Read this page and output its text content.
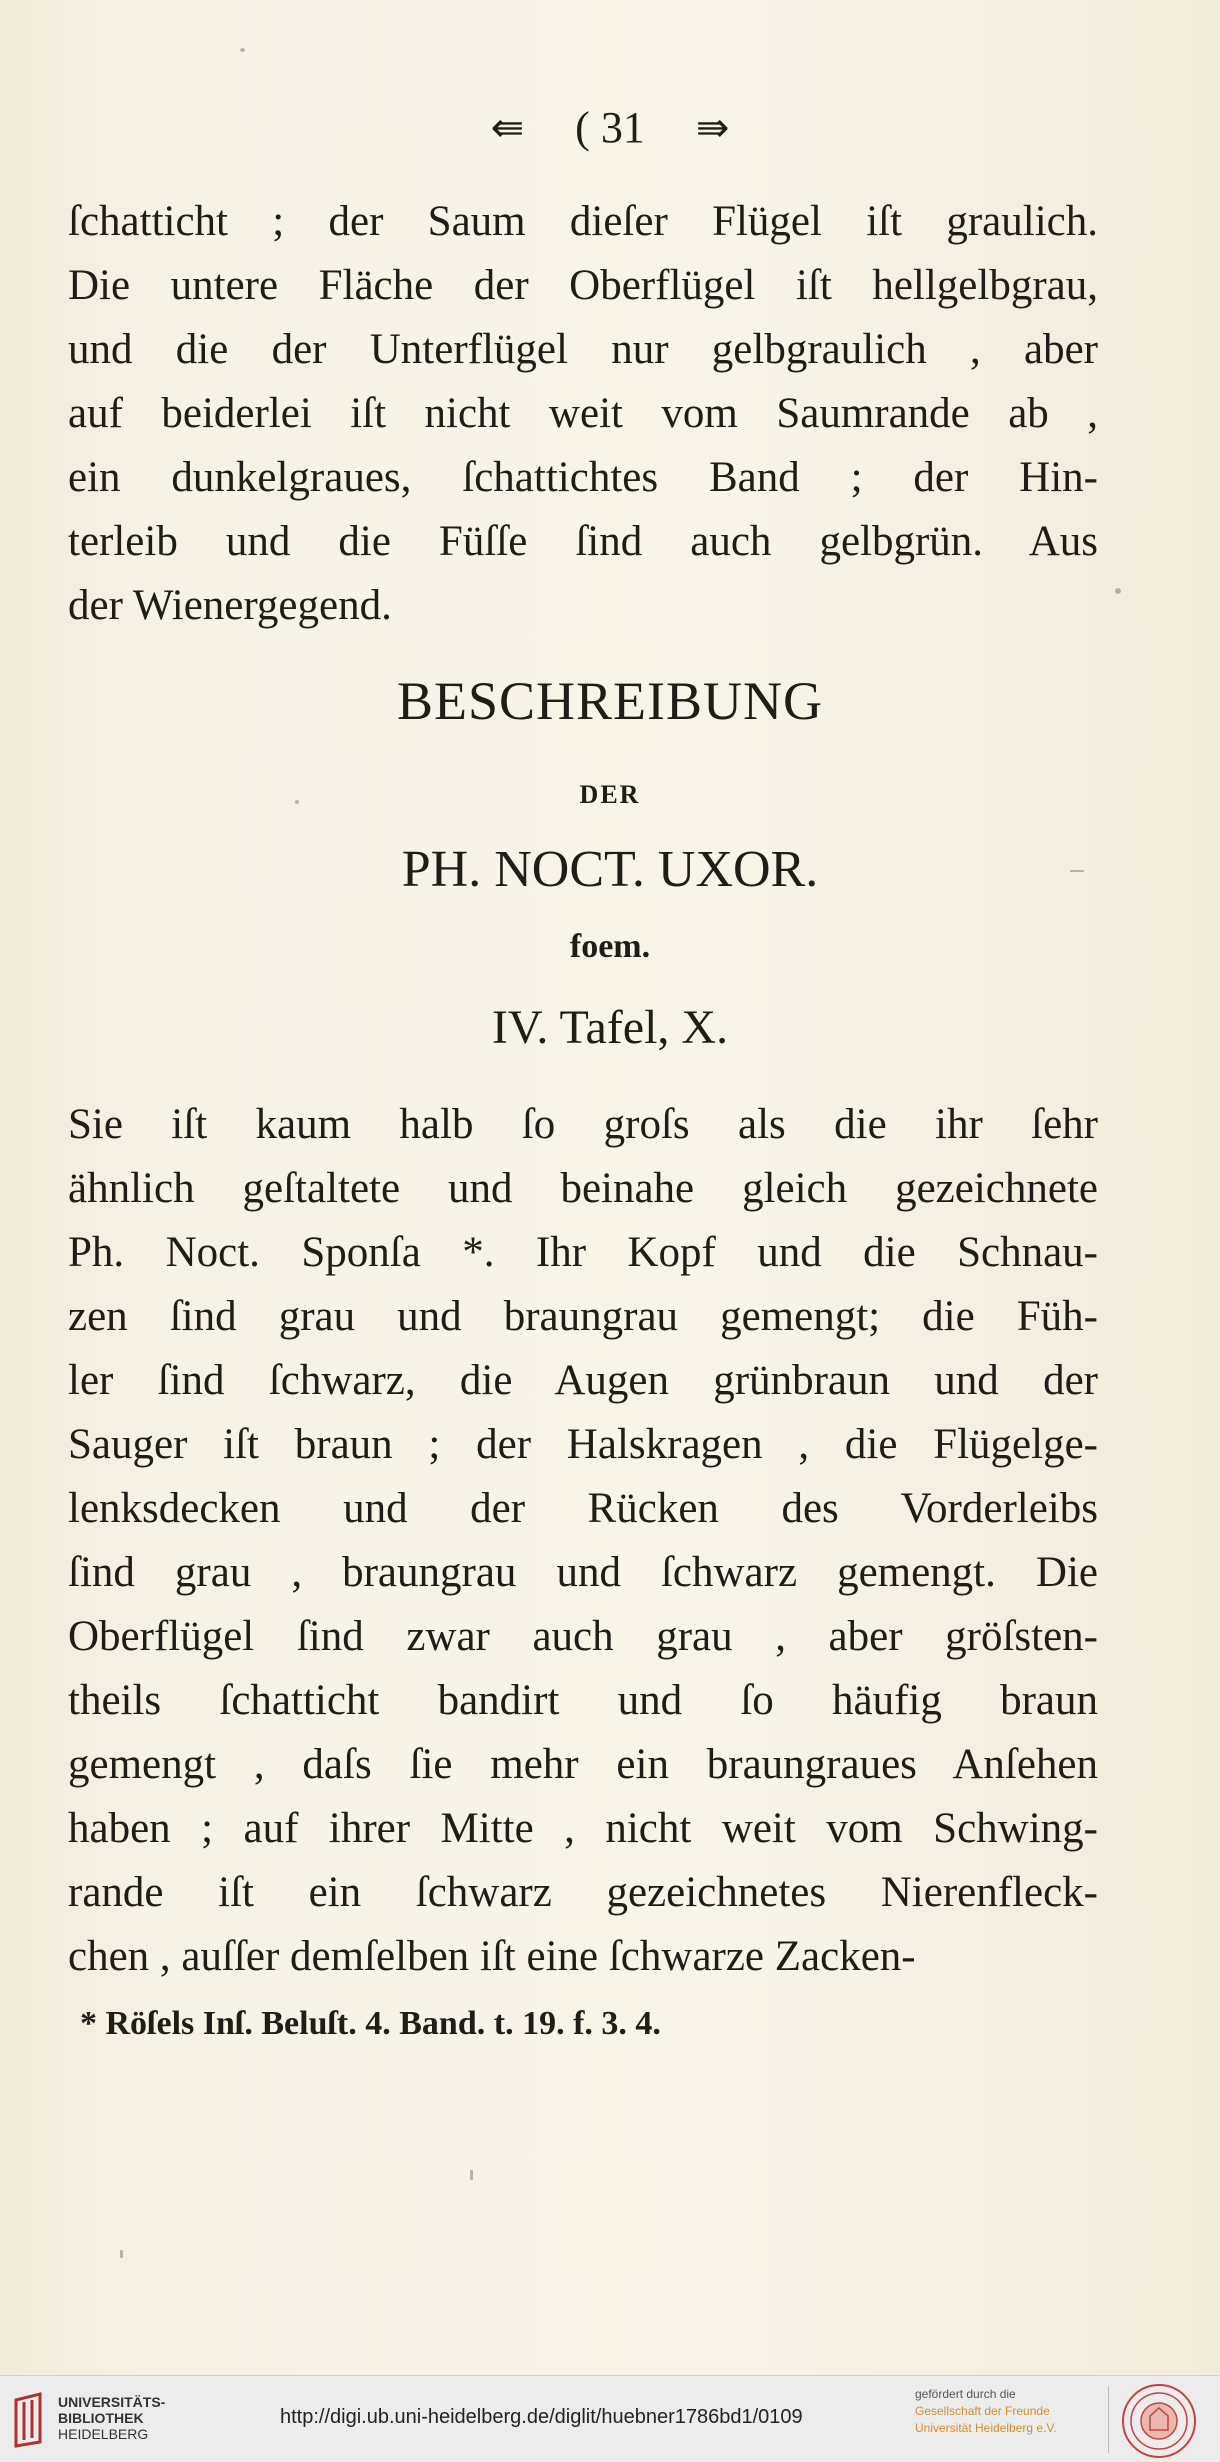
⇚ ( 31 ⇛
ſchatticht ; der Saum dieſer Flügel iſt graulich.
Die untere Fläche der Oberflügel iſt hellgelbgrau,
und die der Unterflügel nur gelbgraulich , aber
auf beiderlei iſt nicht weit vom Saumrande ab ,
ein dunkelgraues, ſchattichtes Band ; der Hin-
terleib und die Füſſe ſind auch gelbgrün. Aus
der Wienergegend.
BESCHREIBUNG
DER
PH. NOCT. UXOR.
foem.
IV. Tafel, X.
Sie iſt kaum halb ſo groſs als die ihr ſehr
ähnlich geſtaltete und beinahe gleich gezeichnete
Ph. Noct. Sponſa *. Ihr Kopf und die Schnau-
zen ſind grau und braungrau gemengt; die Füh-
ler ſind ſchwarz, die Augen grünbraun und der
Sauger iſt braun ; der Halskragen , die Flügelge-
lenksdecken und der Rücken des Vorderleibs
ſind grau , braungrau und ſchwarz gemengt. Die
Oberflügel ſind zwar auch grau , aber gröſsten-
theils ſchatticht bandirt und ſo häufig braun
gemengt , daſs ſie mehr ein braungraues Anſehen
haben ; auf ihrer Mitte , nicht weit vom Schwing-
rande iſt ein ſchwarz gezeichnetes Nierenfleck-
chen , auſſer demſelben iſt eine ſchwarze Zacken-
* Röſels Inſ. Beluſt. 4. Band. t. 19. f. 3. 4.
UNIVERSITÄTS-
BIBLIOTHEK
HEIDELBERG
http://digi.ub.uni-heidelberg.de/diglit/huebner1786bd1/0109
gefördert durch die
Gesellschaft der Freunde
Universität Heidelberg e.V.
